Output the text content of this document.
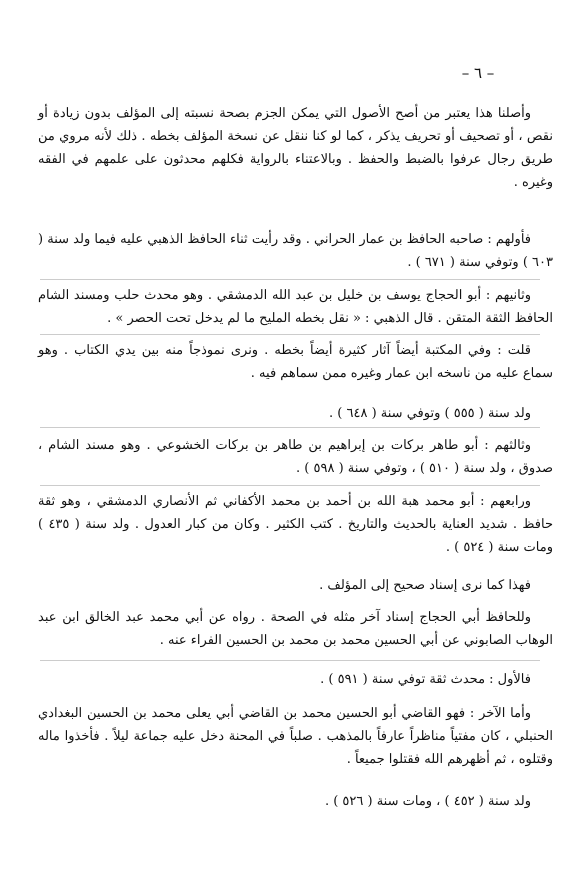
– ٦ –

وأصلنا هذا يعتبر من أصح الأصول التي يمكن الجزم بصحة نسبته إلى المؤلف بدون زيادة أو نقص ، أو تصحيف أو تحريف يذكر ، كما لو كنا ننقل عن نسخة المؤلف بخطه . ذلك لأنه مروي من طريق رجال عرفوا بالضبط والحفظ . وبالاعتناء بالرواية فكلهم محدثون على علمهم في الفقه وغيره .

فأولهم : صاحبه الحافظ بن عمار الحراني . وقد رأيت ثناء الحافظ الذهبي عليه فيما ولد سنة ( ٦٠٣ ) وتوفي سنة ( ٦٧١ ) .

وثانيهم : أبو الحجاج يوسف بن خليل بن عبد الله الدمشقي . وهو محدث حلب ومسند الشام الحافظ الثقة المتقن . قال الذهبي : « نقل بخطه المليح ما لم يدخل تحت الحصر » .

قلت : وفي المكتبة أيضاً آثار كثيرة أيضاً بخطه . ونرى نموذجاً منه بين يدي الكتاب . وهو سماع عليه من ناسخه ابن عمار وغيره ممن سماهم فيه .

ولد سنة ( ٥٥٥ ) وتوفي سنة ( ٦٤٨ ) .

وثالثهم : أبو طاهر بركات بن إبراهيم بن طاهر بن بركات الخشوعي . وهو مسند الشام ، صدوق ، ولد سنة ( ٥١٠ ) ، وتوفي سنة ( ٥٩٨ ) .

ورابعهم : أبو محمد هبة الله بن أحمد بن محمد الأكفاني ثم الأنصاري الدمشقي ، وهو ثقة حافظ . شديد العناية بالحديث والتاريخ . كتب الكثير . وكان من كبار العدول . ولد سنة ( ٤٣٥ ) ومات سنة ( ٥٢٤ ) .

فهذا كما نرى إسناد صحيح إلى المؤلف .

وللحافظ أبي الحجاج إسناد آخر مثله في الصحة . رواه عن أبي محمد عبد الخالق ابن عبد الوهاب الصابوني عن أبي الحسين محمد بن محمد بن الحسين الفراء عنه .

فالأول : محدث ثقة توفي سنة ( ٥٩١ ) .

وأما الآخر : فهو القاضي أبو الحسين محمد بن القاضي أبي يعلى محمد بن الحسين البغدادي الحنبلي ، كان مفتياً مناظراً عارفاً بالمذهب . صلباً في المحنة دخل عليه جماعة ليلاً . فأخذوا ماله وقتلوه ، ثم أظهرهم الله فقتلوا جميعاً .

ولد سنة ( ٤٥٢ ) ، ومات سنة ( ٥٢٦ ) .
